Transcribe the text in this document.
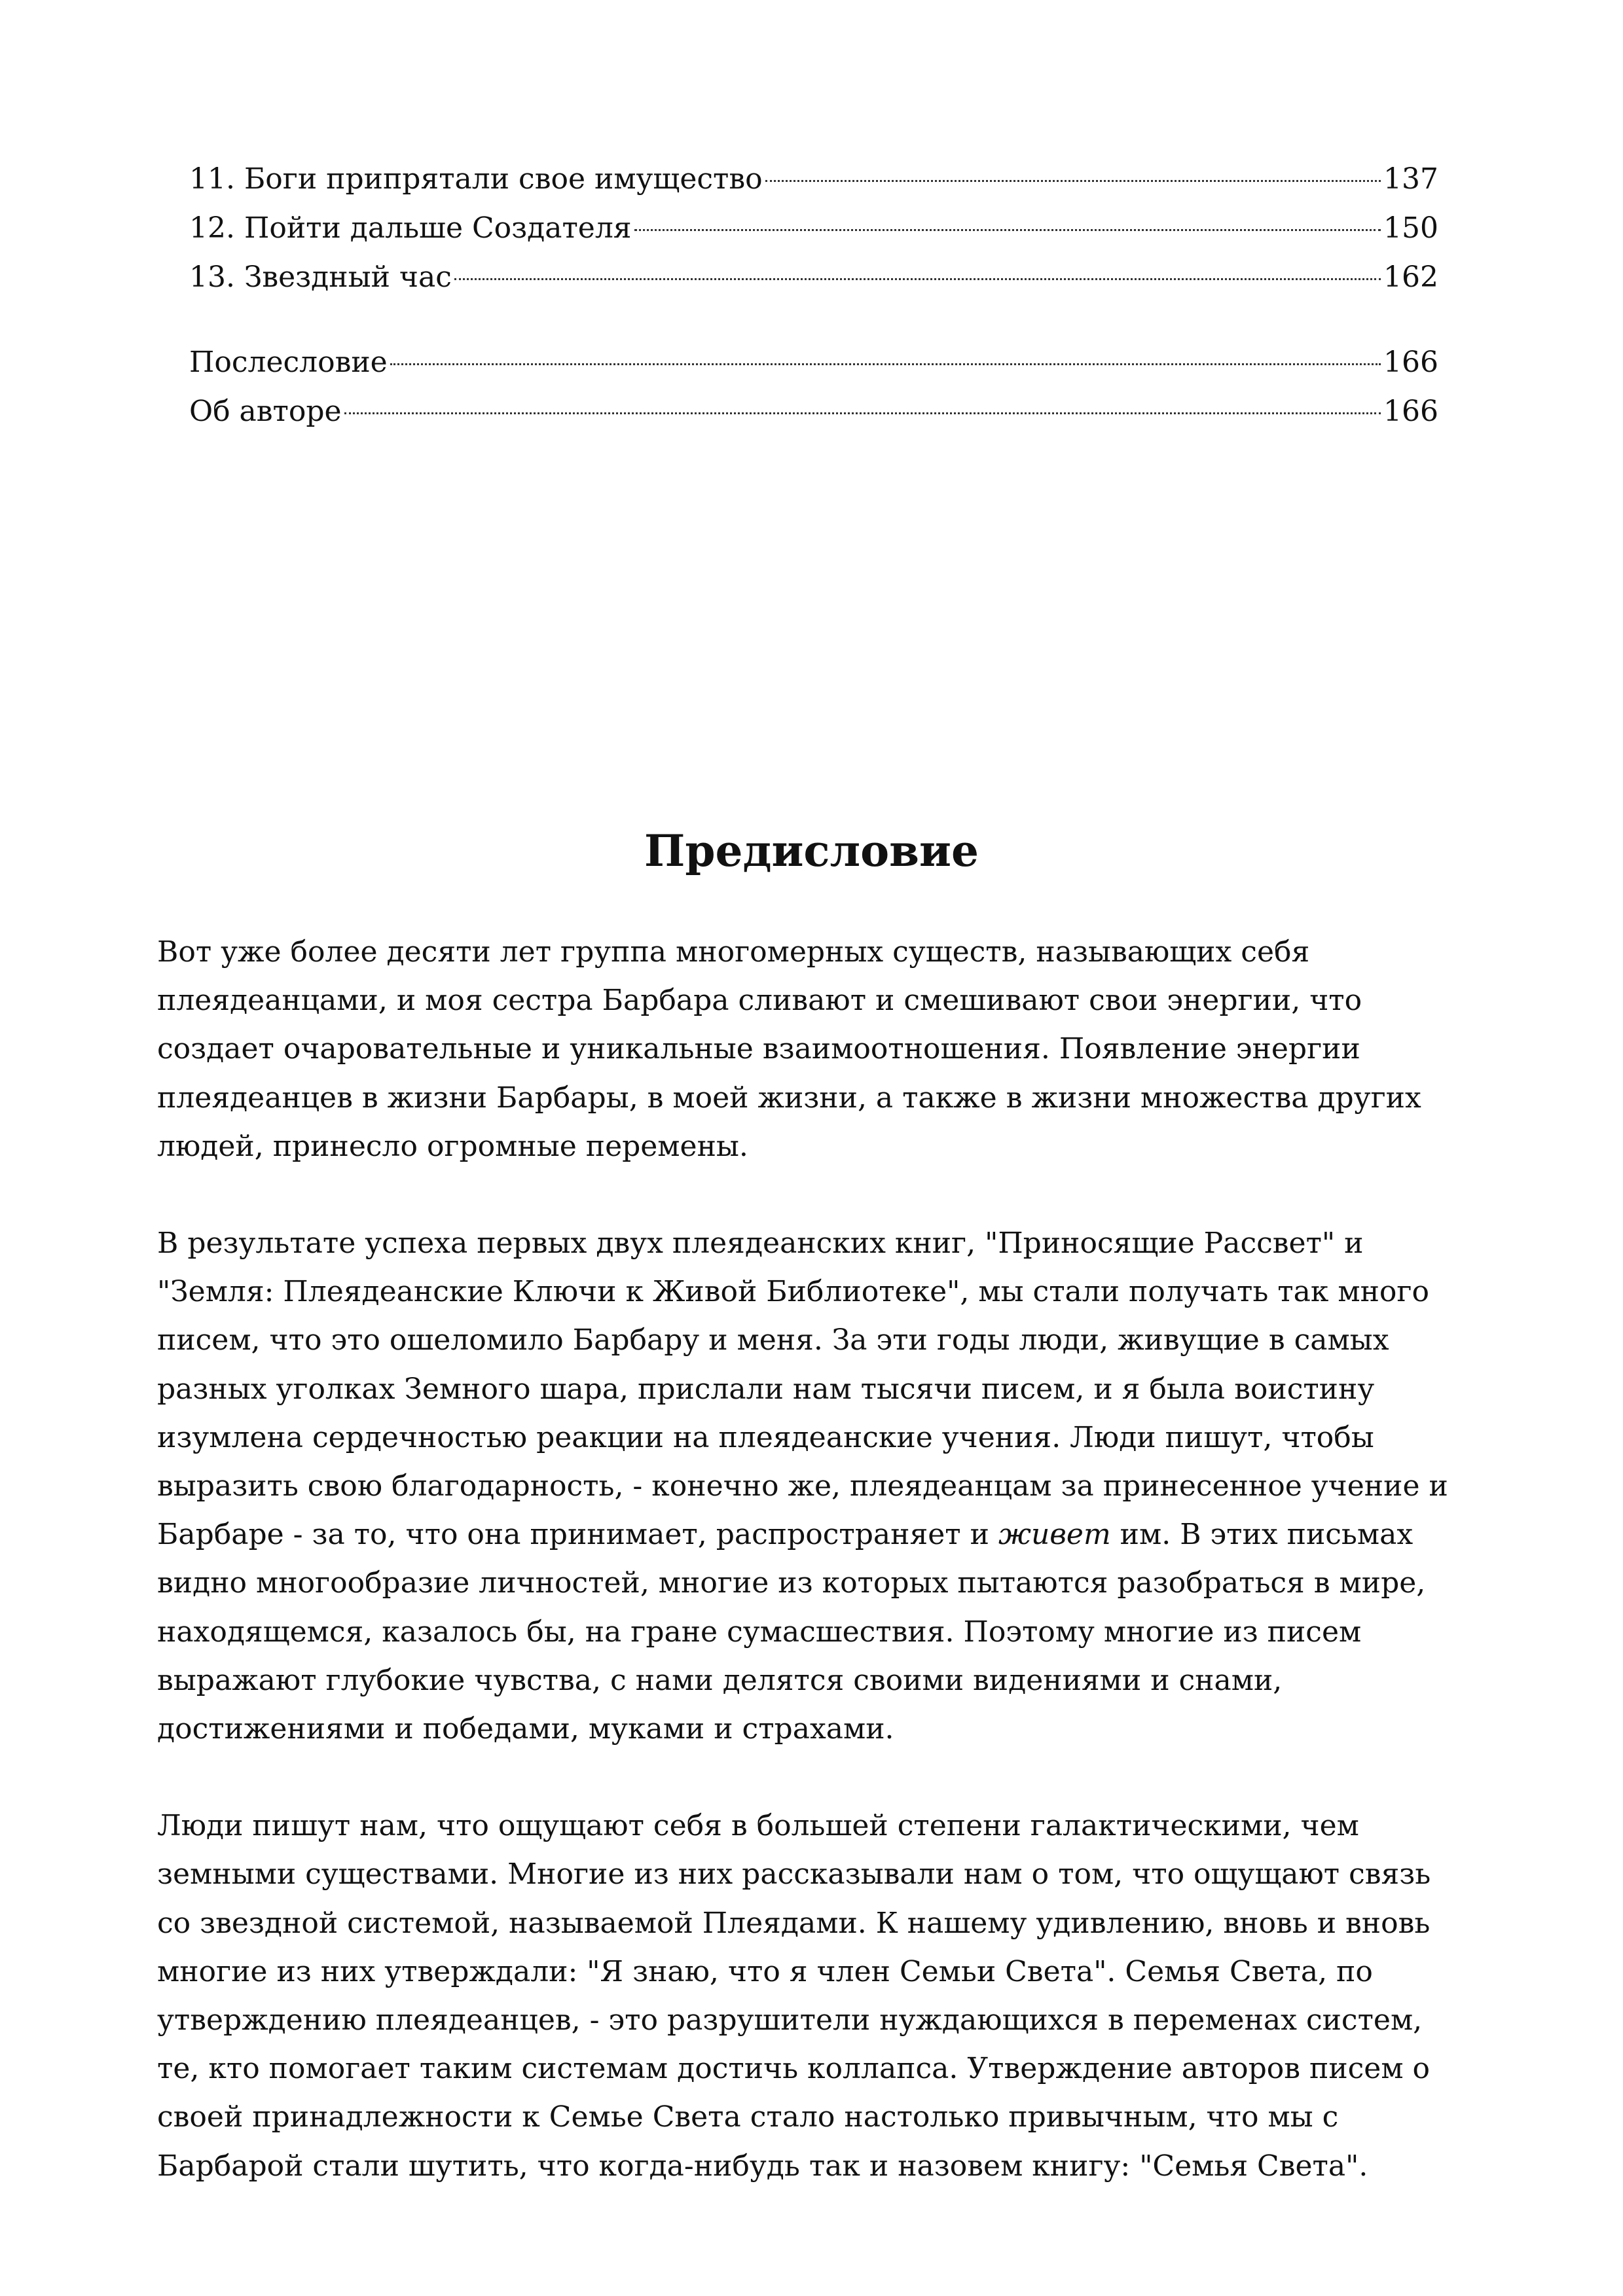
11. Боги припрятали свое имущество	137
12. Пойти дальше Создателя	150
13. Звездный час	162
Послесловие	166
Об авторе	166
Предисловие

Вот уже более десяти лет группа многомерных существ, называющих себя плеядеанцами, и моя сестра Барбара сливают и смешивают свои энергии, что создает очаровательные и уникальные взаимоотношения. Появление энергии плеядеанцев в жизни Барбары, в моей жизни, а также в жизни множества других людей, принесло огромные перемены.

В результате успеха первых двух плеядеанских книг, "Приносящие Рассвет" и "Земля: Плеядеанские Ключи к Живой Библиотеке", мы стали получать так много писем, что это ошеломило Барбару и меня. За эти годы люди, живущие в самых разных уголках Земного шара, прислали нам тысячи писем, и я была воистину изумлена сердечностью реакции на плеядеанские учения. Люди пишут, чтобы выразить свою благодарность, - конечно же, плеядеанцам за принесенное учение и Барбаре - за то, что она принимает, распространяет и живет им. В этих письмах видно многообразие личностей, многие из которых пытаются разобраться в мире, находящемся, казалось бы, на гране сумасшествия. Поэтому многие из писем выражают глубокие чувства, с нами делятся своими видениями и снами, достижениями и победами, муками и страхами.

Люди пишут нам, что ощущают себя в большей степени галактическими, чем земными существами. Многие из них рассказывали нам о том, что ощущают связь со звездной системой, называемой Плеядами. К нашему удивлению, вновь и вновь многие из них утверждали: "Я знаю, что я член Семьи Света". Семья Света, по утверждению плеядеанцев, - это разрушители нуждающихся в переменах систем, те, кто помогает таким системам достичь коллапса. Утверждение авторов писем о своей принадлежности к Семье Света стало настолько привычным, что мы с Барбарой стали шутить, что когда-нибудь так и назовем книгу: "Семья Света".
